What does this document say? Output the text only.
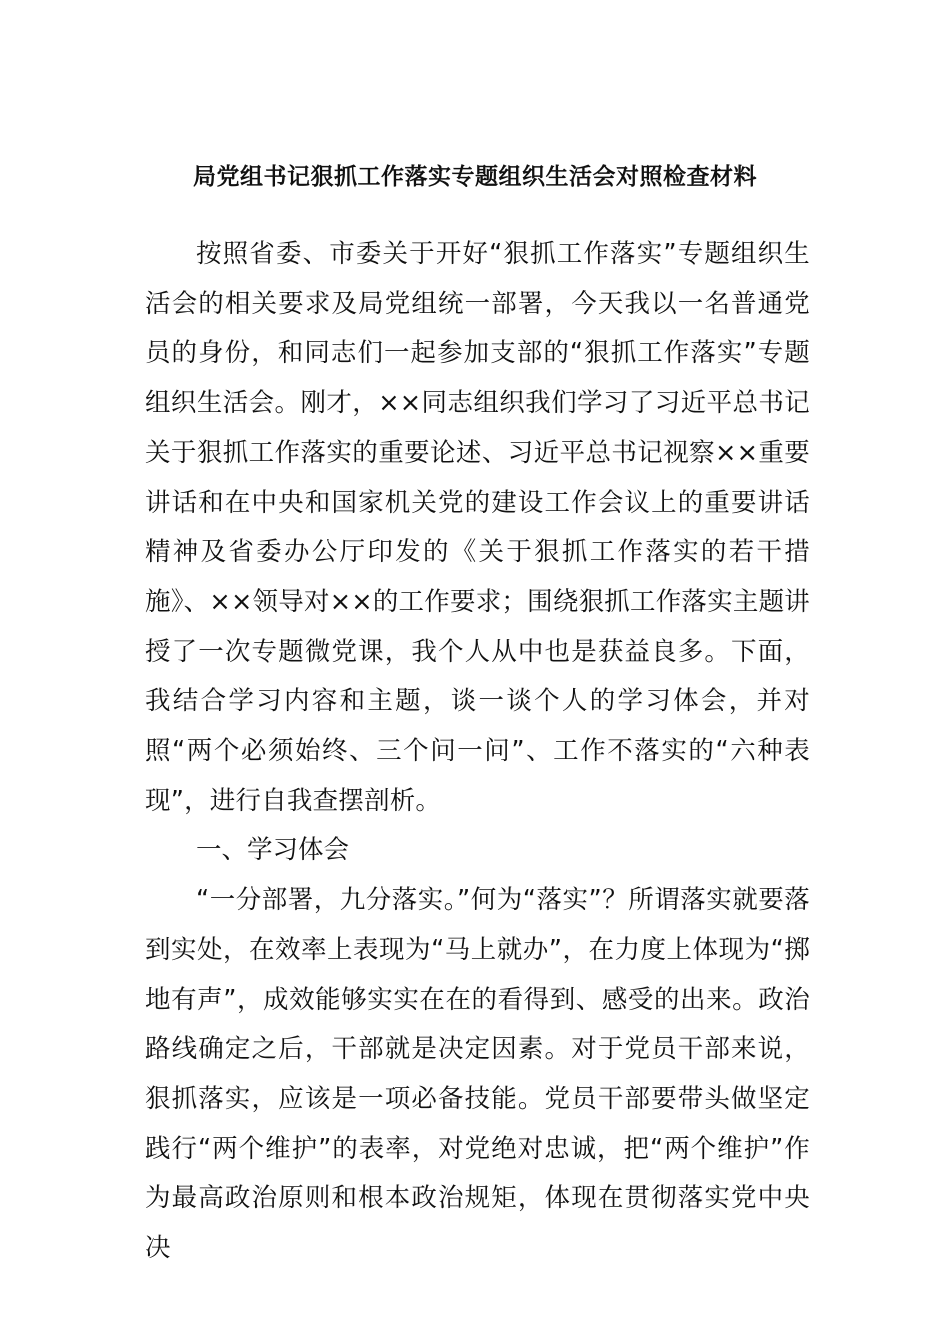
局党组书记狠抓工作落实专题组织生活会对照检查材料

按照省委、市委关于开好“狠抓工作落实”专题组织生活会的相关要求及局党组统一部署，今天我以一名普通党员的身份，和同志们一起参加支部的“狠抓工作落实”专题组织生活会。刚才，××同志组织我们学习了习近平总书记关于狠抓工作落实的重要论述、习近平总书记视察××重要讲话和在中央和国家机关党的建设工作会议上的重要讲话精神及省委办公厅印发的《关于狠抓工作落实的若干措施》、××领导对××的工作要求；围绕狠抓工作落实主题讲授了一次专题微党课，我个人从中也是获益良多。下面，我结合学习内容和主题，谈一谈个人的学习体会，并对照“两个必须始终、三个问一问”、工作不落实的“六种表现”，进行自我查摆剖析。

一、学习体会

“一分部署，九分落实。”何为“落实”？所谓落实就要落到实处，在效率上表现为“马上就办”，在力度上体现为“掷地有声”，成效能够实实在在的看得到、感受的出来。政治路线确定之后，干部就是决定因素。对于党员干部来说，狠抓落实，应该是一项必备技能。党员干部要带头做坚定践行“两个维护”的表率，对党绝对忠诚，把“两个维护”作为最高政治原则和根本政治规矩，体现在贯彻落实党中央决
